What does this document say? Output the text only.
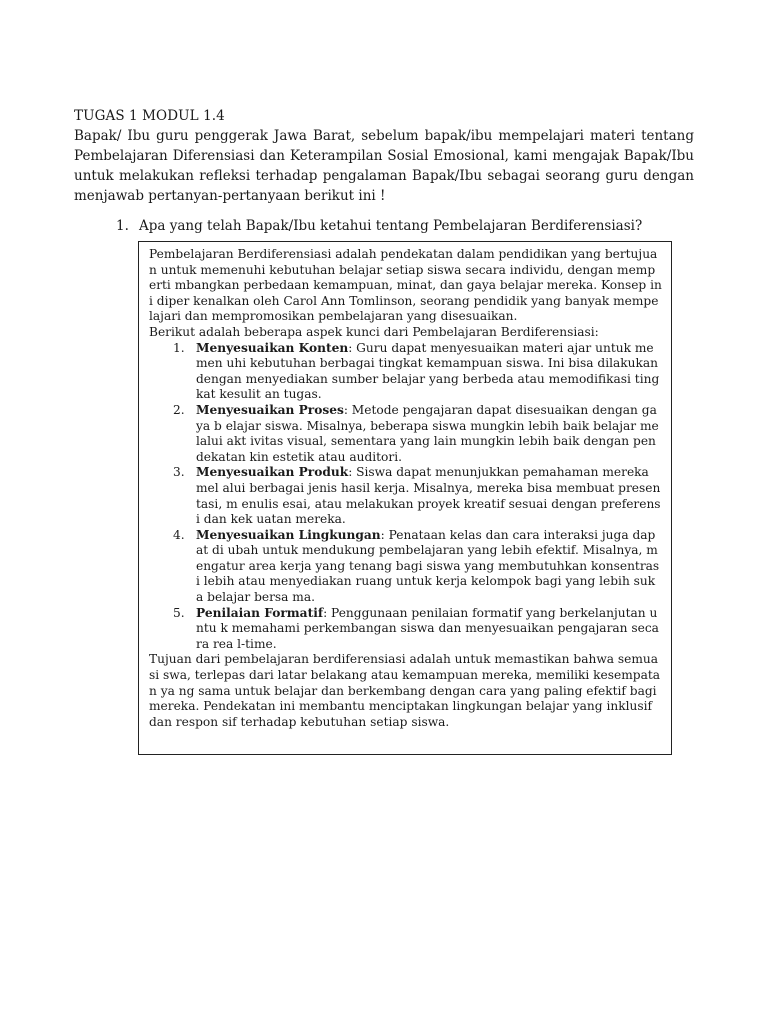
TUGAS 1 MODUL 1.4

Bapak/ Ibu guru penggerak Jawa Barat, sebelum bapak/ibu mempelajari materi tentang Pembelajaran Diferensiasi dan Keterampilan Sosial Emosional, kami mengajak Bapak/Ibu untuk melakukan refleksi terhadap pengalaman Bapak/Ibu sebagai seorang guru dengan menjawab pertanyan-pertanyaan berikut ini !

1. Apa yang telah Bapak/Ibu ketahui tentang Pembelajaran Berdiferensiasi?

Pembelajaran Berdiferensiasi adalah pendekatan dalam pendidikan yang bertujuan untuk memenuhi kebutuhan belajar setiap siswa secara individu, dengan memperti mbangkan perbedaan kemampuan, minat, dan gaya belajar mereka. Konsep ini diper kenalkan oleh Carol Ann Tomlinson, seorang pendidik yang banyak mempelajari dan mempromosikan pembelajaran yang disesuaikan.

Berikut adalah beberapa aspek kunci dari Pembelajaran Berdiferensiasi:

1. Menyesuaikan Konten: Guru dapat menyesuaikan materi ajar untuk memen uhi kebutuhan berbagai tingkat kemampuan siswa. Ini bisa dilakukan dengan menyediakan sumber belajar yang berbeda atau memodifikasi tingkat kesulit an tugas.
2. Menyesuaikan Proses: Metode pengajaran dapat disesuaikan dengan gaya b elajar siswa. Misalnya, beberapa siswa mungkin lebih baik belajar melalui akt ivitas visual, sementara yang lain mungkin lebih baik dengan pendekatan kin estetik atau auditori.
3. Menyesuaikan Produk: Siswa dapat menunjukkan pemahaman mereka mel alui berbagai jenis hasil kerja. Misalnya, mereka bisa membuat presentasi, m enulis esai, atau melakukan proyek kreatif sesuai dengan preferensi dan kek uatan mereka.
4. Menyesuaikan Lingkungan: Penataan kelas dan cara interaksi juga dapat di ubah untuk mendukung pembelajaran yang lebih efektif. Misalnya, mengatur area kerja yang tenang bagi siswa yang membutuhkan konsentrasi lebih atau menyediakan ruang untuk kerja kelompok bagi yang lebih suka belajar bersa ma.
5. Penilaian Formatif: Penggunaan penilaian formatif yang berkelanjutan untu k memahami perkembangan siswa dan menyesuaikan pengajaran secara rea l-time.

Tujuan dari pembelajaran berdiferensiasi adalah untuk memastikan bahwa semua si swa, terlepas dari latar belakang atau kemampuan mereka, memiliki kesempatan ya ng sama untuk belajar dan berkembang dengan cara yang paling efektif bagi mereka. Pendekatan ini membantu menciptakan lingkungan belajar yang inklusif dan respon sif terhadap kebutuhan setiap siswa.
